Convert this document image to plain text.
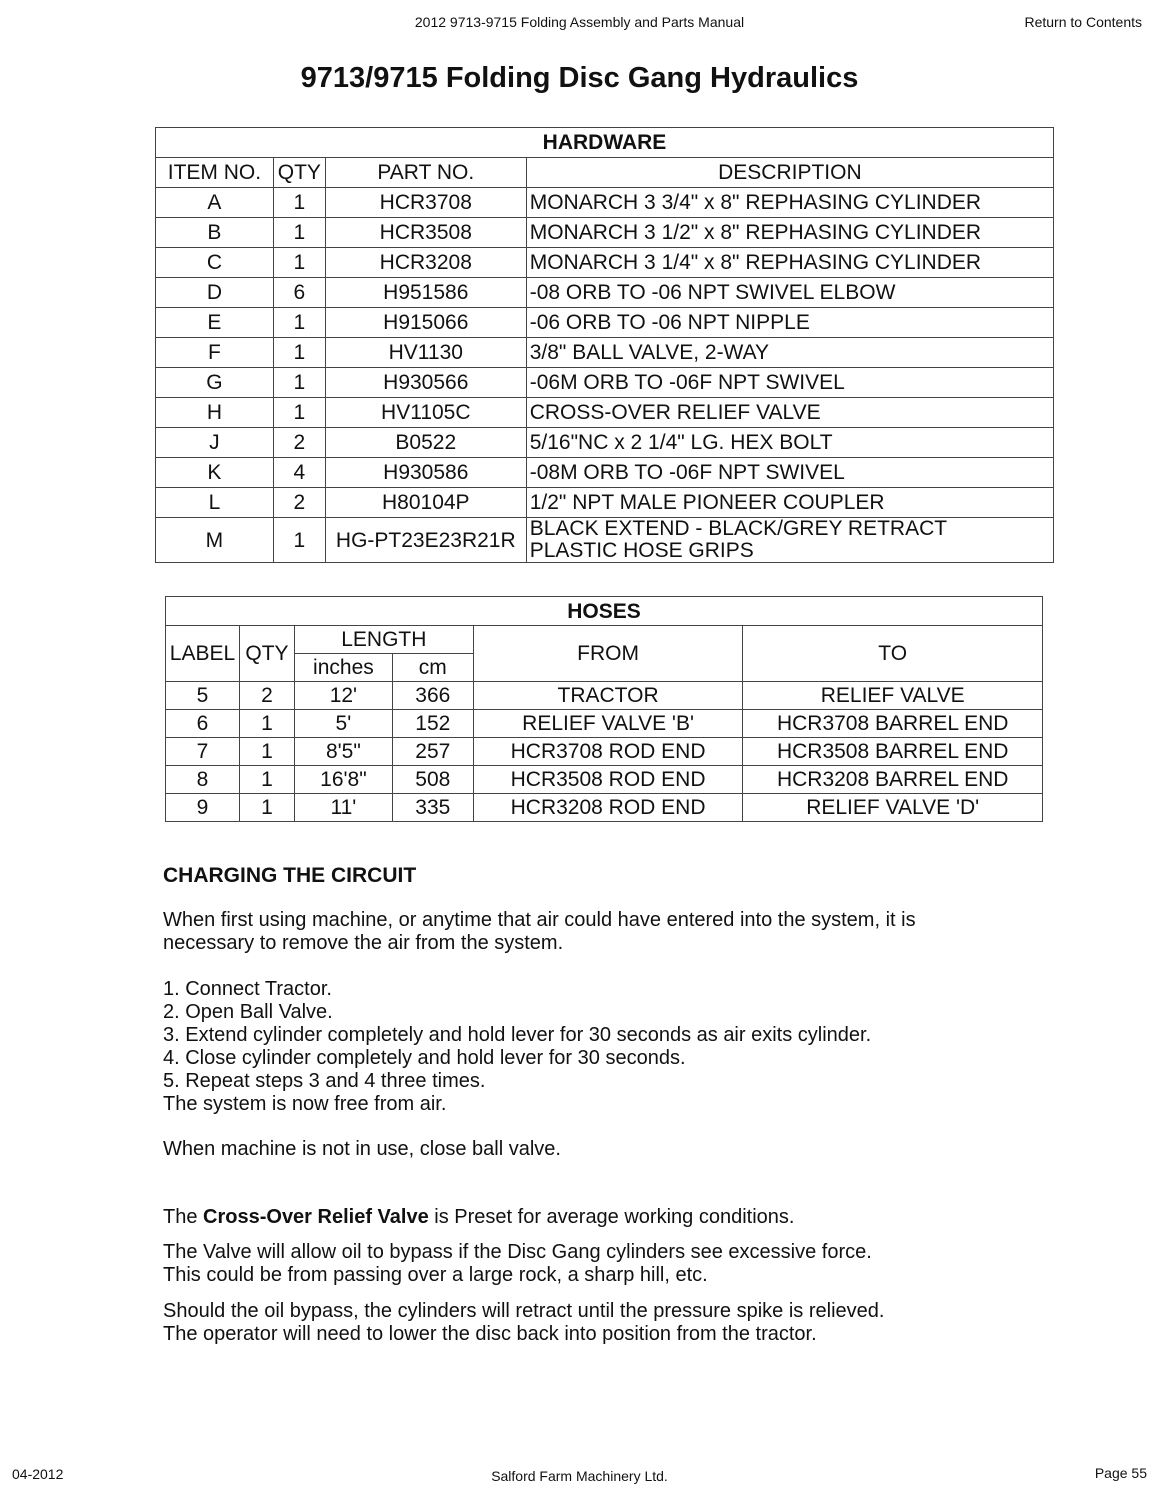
2012 9713-9715 Folding Assembly and Parts Manual	Return to Contents
9713/9715 Folding Disc Gang Hydraulics
HARDWARE			
ITEM NO.	QTY	PART NO.	DESCRIPTION
A	1	HCR3708	MONARCH 3 3/4" x 8" REPHASING CYLINDER
B	1	HCR3508	MONARCH 3 1/2" x 8" REPHASING CYLINDER
C	1	HCR3208	MONARCH 3 1/4" x 8" REPHASING CYLINDER
D	6	H951586	-08 ORB TO -06 NPT SWIVEL ELBOW
E	1	H915066	-06 ORB TO -06 NPT NIPPLE
F	1	HV1130	3/8" BALL VALVE, 2-WAY
G	1	H930566	-06M ORB TO -06F NPT SWIVEL
H	1	HV1105C	CROSS-OVER RELIEF VALVE
J	2	B0522	5/16"NC x 2 1/4" LG. HEX BOLT
K	4	H930586	-08M ORB TO -06F NPT SWIVEL
L	2	H80104P	1/2" NPT MALE PIONEER COUPLER
M	1	HG-PT23E23R21R	BLACK EXTEND - BLACK/GREY RETRACT
PLASTIC HOSE GRIPS
HOSES					
LABEL	QTY	LENGTH		FROM	TO
		inches	cm		
5	2	12'	366	TRACTOR	RELIEF VALVE
6	1	5'	152	RELIEF VALVE 'B'	HCR3708 BARREL END
7	1	8'5"	257	HCR3708 ROD END	HCR3508 BARREL END
8	1	16'8"	508	HCR3508 ROD END	HCR3208 BARREL END
9	1	11'	335	HCR3208 ROD END	RELIEF VALVE 'D'
CHARGING THE CIRCUIT

When first using machine, or anytime that air could have entered into the system, it is
necessary to remove the air from the system.

1. Connect Tractor.
2. Open Ball Valve.
3. Extend cylinder completely and hold lever for 30 seconds as air exits cylinder.
4. Close cylinder completely and hold lever for 30 seconds.
5. Repeat steps 3 and 4 three times.
The system is now free from air.

When machine is not in use, close ball valve.

The Cross-Over Relief Valve is Preset for average working conditions.

The Valve will allow oil to bypass if the Disc Gang cylinders see excessive force.
This could be from passing over a large rock, a sharp hill, etc.

Should the oil bypass, the cylinders will retract until the pressure spike is relieved.
The operator will need to lower the disc back into position from the tractor.

04-2012	Salford Farm Machinery Ltd.	Page 55
